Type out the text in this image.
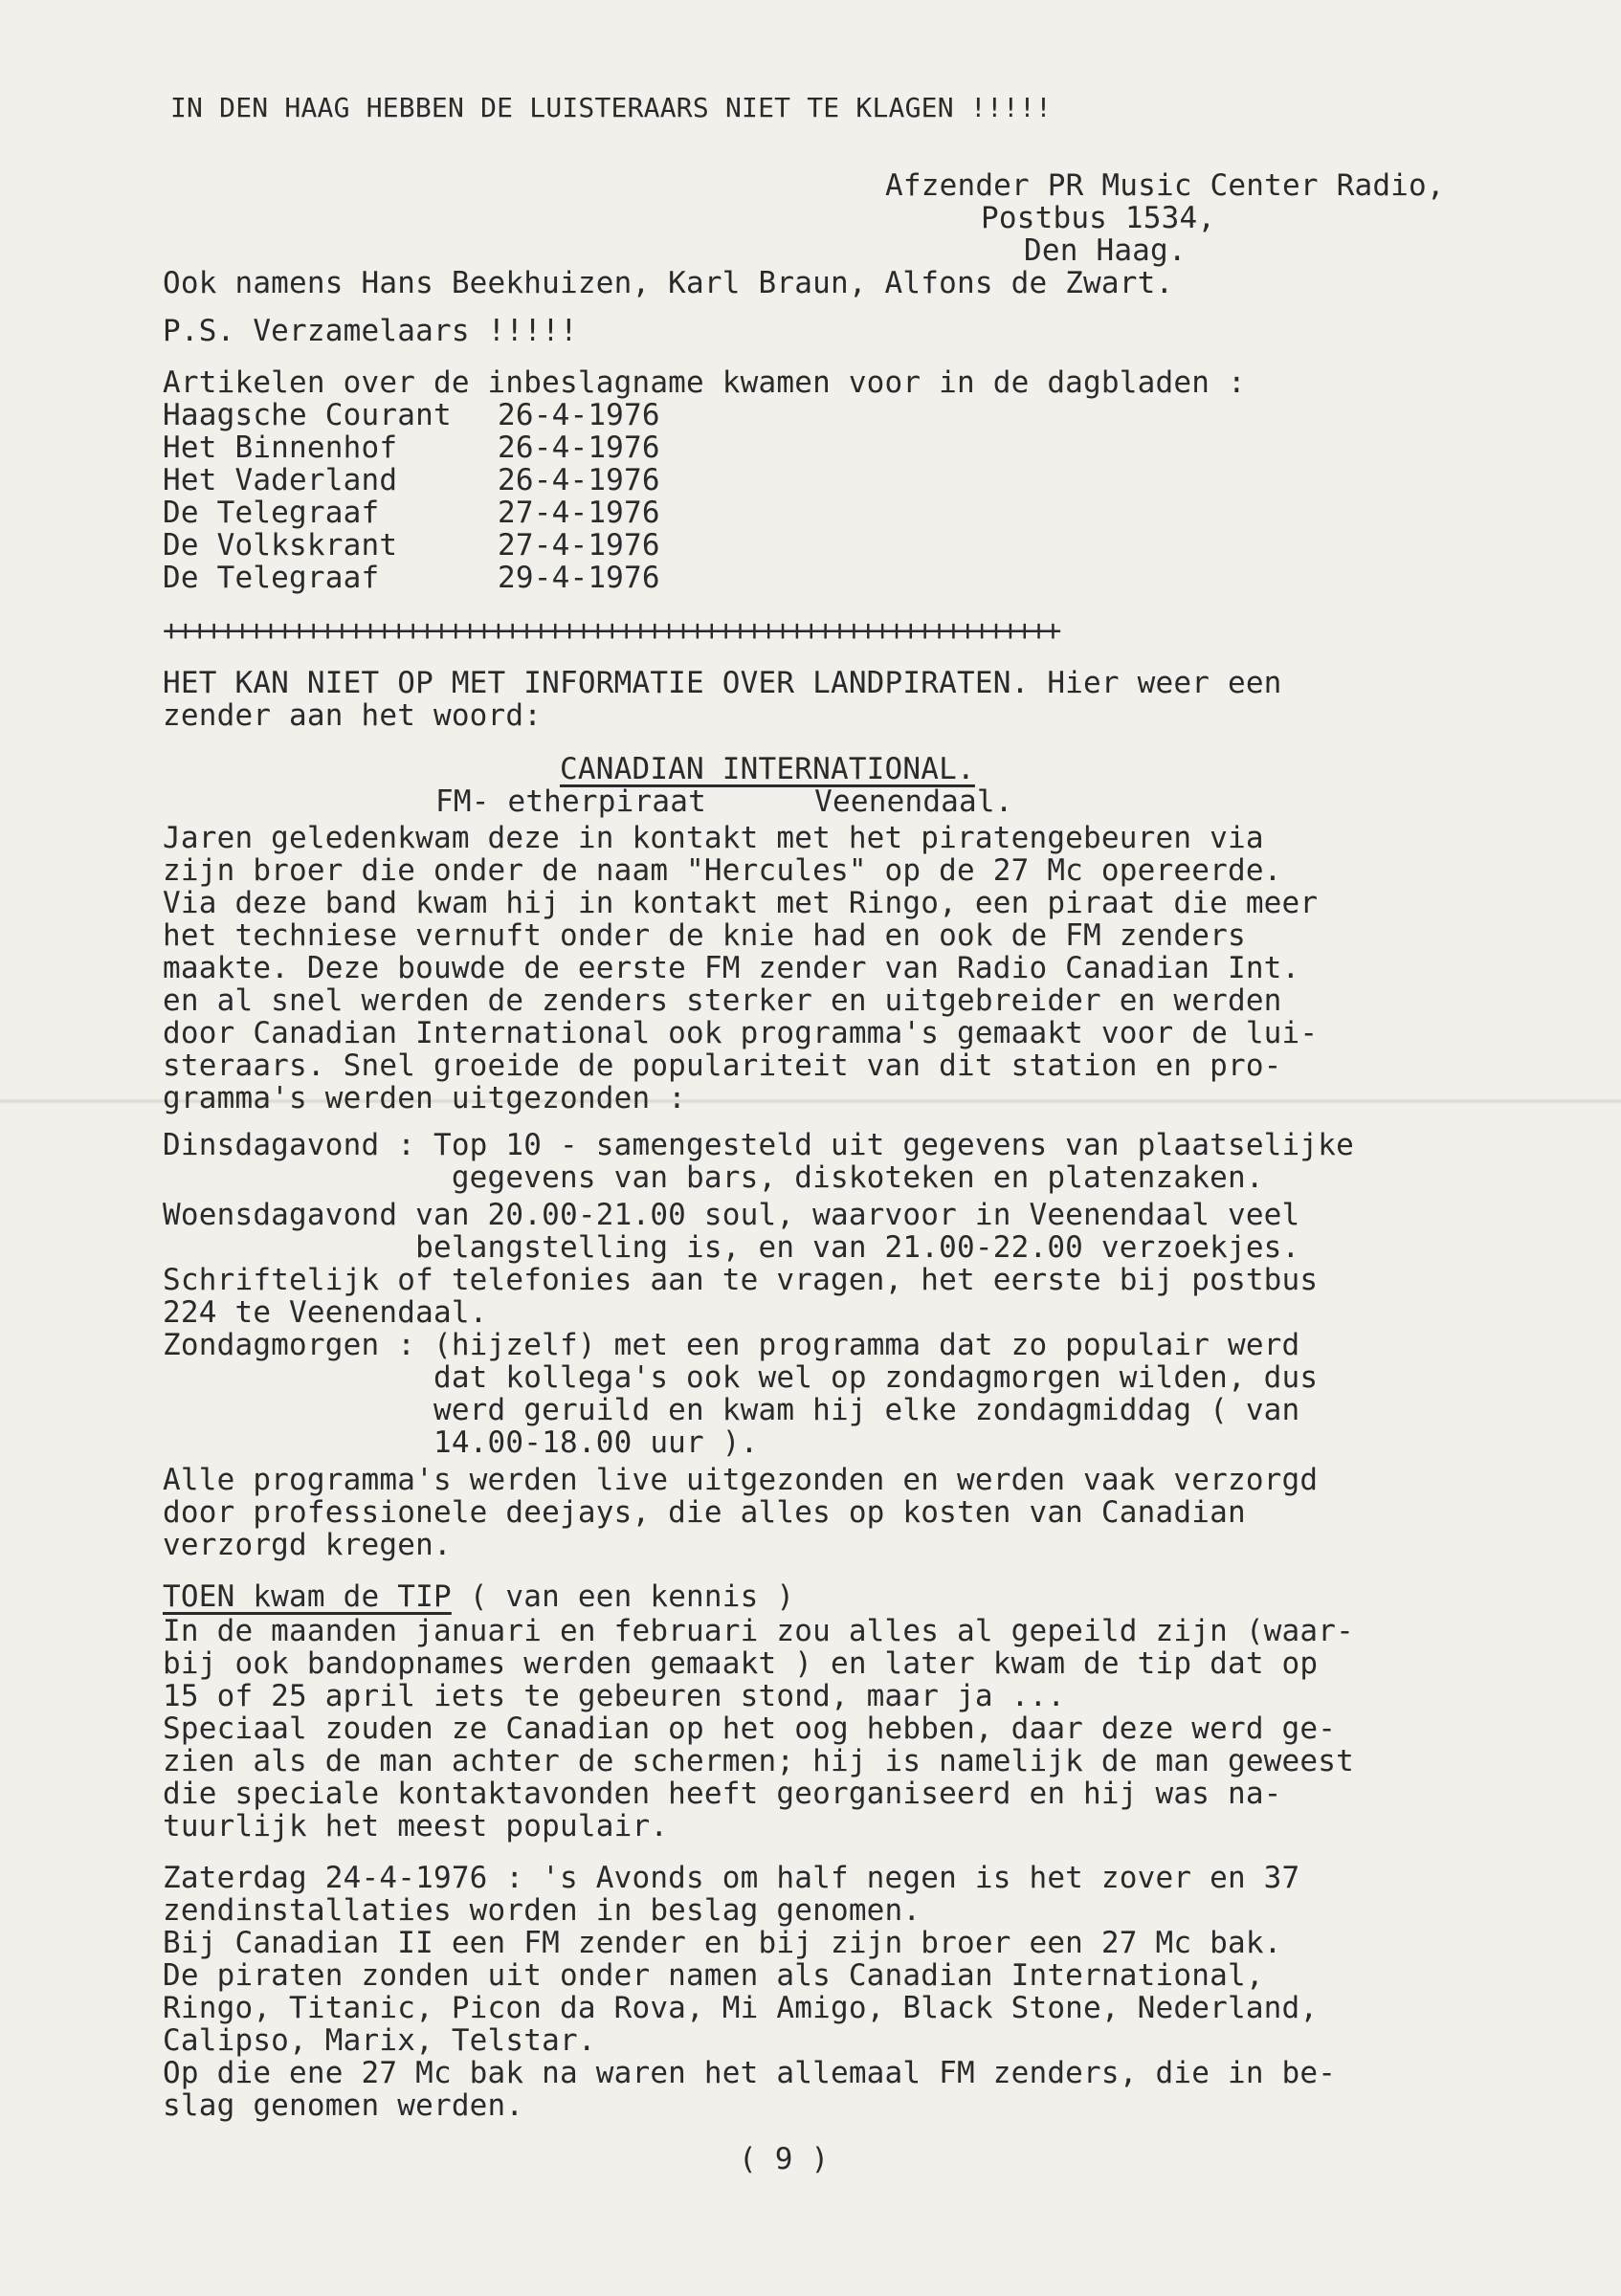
IN DEN HAAG HEBBEN DE LUISTERAARS NIET TE KLAGEN !!!!!
Afzender PR Music Center Radio,
Postbus 1534,
Den Haag.
Ook namens Hans Beekhuizen, Karl Braun, Alfons de Zwart.
P.S. Verzamelaars !!!!!
Artikelen over de inbeslagname kwamen voor in de dagbladen :
Haagsche Courant 26-4-1976
Het Binnenhof	26-4-1976
Het Vaderland	26-4-1976
De Telegraaf	27-4-1976
De Volkskrant	27-4-1976
De Telegraaf	29-4-1976
+++++++++++++++++++++++++++++++++++++++++++++++++++++++++++++++
HET KAN NIET OP MET INFORMATIE OVER LANDPIRATEN. Hier weer een
zender aan het woord:
CANADIAN INTERNATIONAL.
FM- etherpiraat      Veenendaal.
Jaren geledenkwam deze in kontakt met het piratengebeuren via
zijn broer die onder de naam "Hercules" op de 27 Mc opereerde.
Via deze band kwam hij in kontakt met Ringo, een piraat die meer
het techniese vernuft onder de knie had en ook de FM zenders
maakte. Deze bouwde de eerste FM zender van Radio Canadian Int.
en al snel werden de zenders sterker en uitgebreider en werden
door Canadian International ook programma's gemaakt voor de lui-
steraars. Snel groeide de populariteit van dit station en pro-
gramma's werden uitgezonden :
Dinsdagavond : Top 10 - samengesteld uit gegevens van plaatselijke
gegevens van bars, diskoteken en platenzaken.
Woensdagavond van 20.00-21.00 soul, waarvoor in Veenendaal veel
belangstelling is, en van 21.00-22.00 verzoekjes.
Schriftelijk of telefonies aan te vragen, het eerste bij postbus
224 te Veenendaal.
Zondagmorgen : (hijzelf) met een programma dat zo populair werd
dat kollega's ook wel op zondagmorgen wilden, dus
werd geruild en kwam hij elke zondagmiddag ( van
14.00-18.00 uur ).
Alle programma's werden live uitgezonden en werden vaak verzorgd
door professionele deejays, die alles op kosten van Canadian
verzorgd kregen.
TOEN kwam de TIP ( van een kennis )
In de maanden januari en februari zou alles al gepeild zijn (waar-
bij ook bandopnames werden gemaakt ) en later kwam de tip dat op
15 of 25 april iets te gebeuren stond, maar ja ...
Speciaal zouden ze Canadian op het oog hebben, daar deze werd ge-
zien als de man achter de schermen; hij is namelijk de man geweest
die speciale kontaktavonden heeft georganiseerd en hij was na-
tuurlijk het meest populair.
Zaterdag 24-4-1976 : 's Avonds om half negen is het zover en 37
zendinstallaties worden in beslag genomen.
Bij Canadian II een FM zender en bij zijn broer een 27 Mc bak.
De piraten zonden uit onder namen als Canadian International,
Ringo, Titanic, Picon da Rova, Mi Amigo, Black Stone, Nederland,
Calipso, Marix, Telstar.
Op die ene 27 Mc bak na waren het allemaal FM zenders, die in be-
slag genomen werden.
( 9 )
